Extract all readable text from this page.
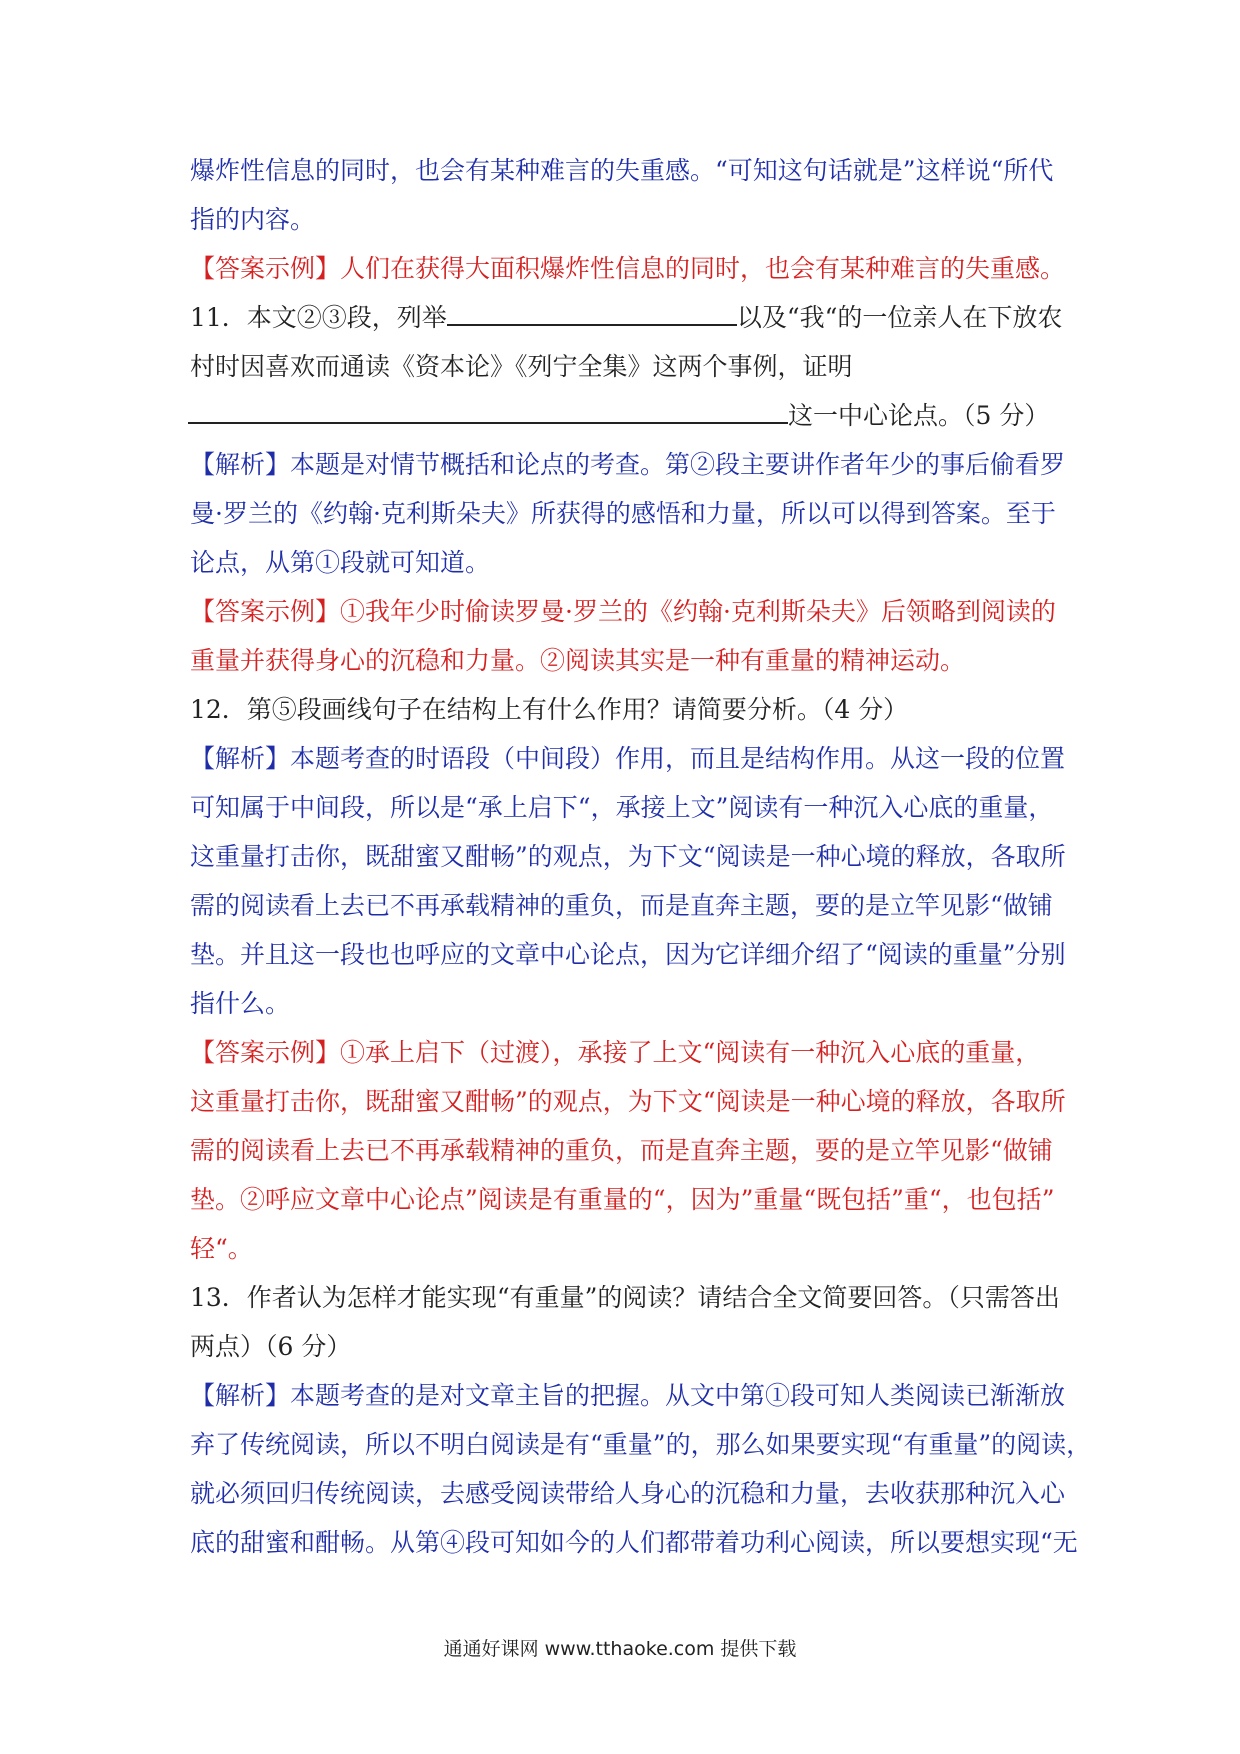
爆炸性信息的同时，也会有某种难言的失重感。“可知这句话就是”这样说“所代
指的内容。
【答案示例】人们在获得大面积爆炸性信息的同时，也会有某种难言的失重感。
11．本文②③段，列举	以及“我“的一位亲人在下放农
村时因喜欢而通读《资本论》《列宁全集》这两个事例，证明
这一中心论点。（5 分）
【解析】本题是对情节概括和论点的考查。第②段主要讲作者年少的事后偷看罗
曼·罗兰的《约翰·克利斯朵夫》所获得的感悟和力量，所以可以得到答案。至于
论点，从第①段就可知道。
【答案示例】①我年少时偷读罗曼·罗兰的《约翰·克利斯朵夫》后领略到阅读的
重量并获得身心的沉稳和力量。②阅读其实是一种有重量的精神运动。
12．第⑤段画线句子在结构上有什么作用？请简要分析。（4 分）
【解析】本题考查的时语段（中间段）作用，而且是结构作用。从这一段的位置
可知属于中间段，所以是“承上启下“，承接上文”阅读有一种沉入心底的重量，
这重量打击你，既甜蜜又酣畅”的观点，为下文“阅读是一种心境的释放，各取所
需的阅读看上去已不再承载精神的重负，而是直奔主题，要的是立竿见影“做铺
垫。并且这一段也也呼应的文章中心论点，因为它详细介绍了“阅读的重量”分别
指什么。
【答案示例】①承上启下（过渡），承接了上文“阅读有一种沉入心底的重量，
这重量打击你，既甜蜜又酣畅”的观点，为下文“阅读是一种心境的释放，各取所
需的阅读看上去已不再承载精神的重负，而是直奔主题，要的是立竿见影“做铺
垫。②呼应文章中心论点”阅读是有重量的“，因为”重量“既包括”重“，也包括”
轻“。
13．作者认为怎样才能实现“有重量”的阅读？请结合全文简要回答。（只需答出
两点）（6 分）
【解析】本题考查的是对文章主旨的把握。从文中第①段可知人类阅读已渐渐放
弃了传统阅读，所以不明白阅读是有“重量”的，那么如果要实现“有重量”的阅读，
就必须回归传统阅读，去感受阅读带给人身心的沉稳和力量，去收获那种沉入心
底的甜蜜和酣畅。从第④段可知如今的人们都带着功利心阅读，所以要想实现“无
通通好课网 www.tthaoke.com 提供下载
